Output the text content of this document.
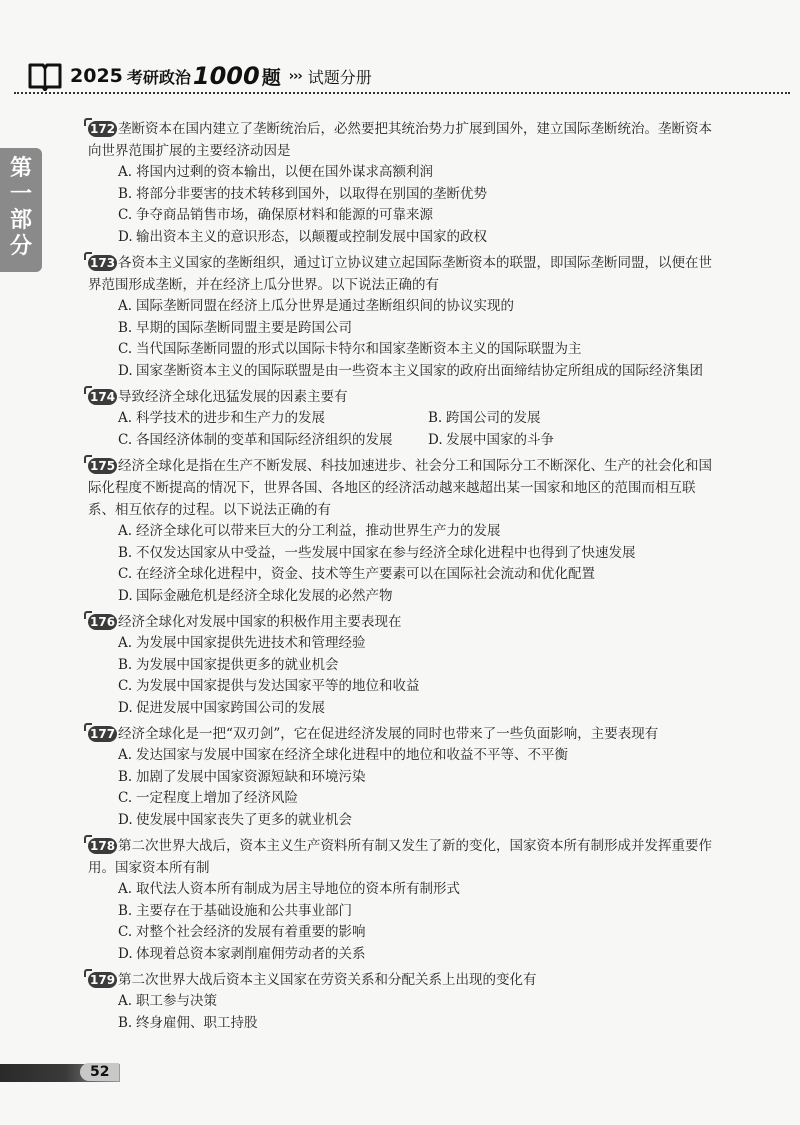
2025 考研政治 1000 题 ››› 试题分册
第
一
部
分
172 垄断资本在国内建立了垄断统治后，必然要把其统治势力扩展到国外，建立国际垄断统治。垄断资本向世界范围扩展的主要经济动因是
A. 将国内过剩的资本输出，以便在国外谋求高额利润
B. 将部分非要害的技术转移到国外，以取得在别国的垄断优势
C. 争夺商品销售市场，确保原材料和能源的可靠来源
D. 输出资本主义的意识形态，以颠覆或控制发展中国家的政权
173 各资本主义国家的垄断组织，通过订立协议建立起国际垄断资本的联盟，即国际垄断同盟，以便在世界范围形成垄断，并在经济上瓜分世界。以下说法正确的有
A. 国际垄断同盟在经济上瓜分世界是通过垄断组织间的协议实现的
B. 早期的国际垄断同盟主要是跨国公司
C. 当代国际垄断同盟的形式以国际卡特尔和国家垄断资本主义的国际联盟为主
D. 国家垄断资本主义的国际联盟是由一些资本主义国家的政府出面缔结协定所组成的国际经济集团
174 导致经济全球化迅猛发展的因素主要有
A. 科学技术的进步和生产力的发展	B. 跨国公司的发展
C. 各国经济体制的变革和国际经济组织的发展	D. 发展中国家的斗争
175 经济全球化是指在生产不断发展、科技加速进步、社会分工和国际分工不断深化、生产的社会化和国际化程度不断提高的情况下，世界各国、各地区的经济活动越来越超出某一国家和地区的范围而相互联系、相互依存的过程。以下说法正确的有
A. 经济全球化可以带来巨大的分工利益，推动世界生产力的发展
B. 不仅发达国家从中受益，一些发展中国家在参与经济全球化进程中也得到了快速发展
C. 在经济全球化进程中，资金、技术等生产要素可以在国际社会流动和优化配置
D. 国际金融危机是经济全球化发展的必然产物
176 经济全球化对发展中国家的积极作用主要表现在
A. 为发展中国家提供先进技术和管理经验
B. 为发展中国家提供更多的就业机会
C. 为发展中国家提供与发达国家平等的地位和收益
D. 促进发展中国家跨国公司的发展
177 经济全球化是一把“双刃剑”，它在促进经济发展的同时也带来了一些负面影响，主要表现有
A. 发达国家与发展中国家在经济全球化进程中的地位和收益不平等、不平衡
B. 加剧了发展中国家资源短缺和环境污染
C. 一定程度上增加了经济风险
D. 使发展中国家丧失了更多的就业机会
178 第二次世界大战后，资本主义生产资料所有制又发生了新的变化，国家资本所有制形成并发挥重要作用。国家资本所有制
A. 取代法人资本所有制成为居主导地位的资本所有制形式
B. 主要存在于基础设施和公共事业部门
C. 对整个社会经济的发展有着重要的影响
D. 体现着总资本家剥削雇佣劳动者的关系
179 第二次世界大战后资本主义国家在劳资关系和分配关系上出现的变化有
A. 职工参与决策
B. 终身雇佣、职工持股
52
